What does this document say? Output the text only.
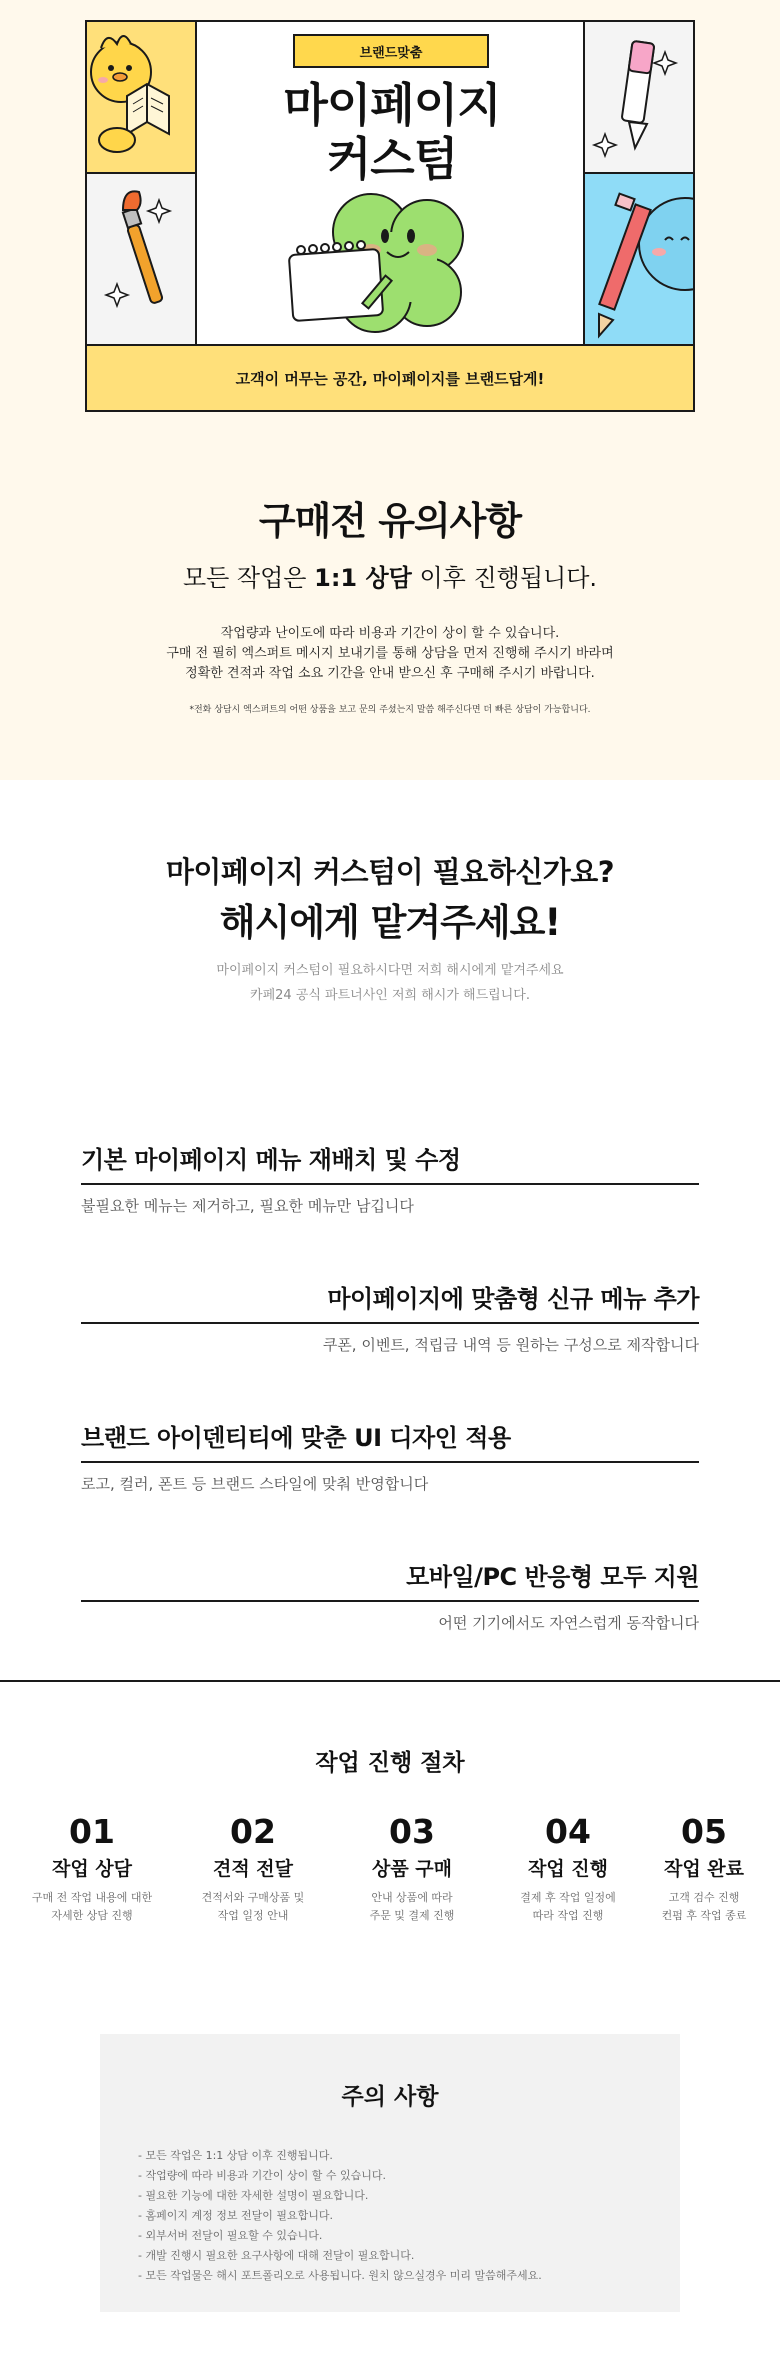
브랜드맞춤
마이페이지
커스텀
고객이 머무는 공간, 마이페이지를 브랜드답게!
구매전 유의사항

모든 작업은 1:1 상담 이후 진행됩니다.

작업량과 난이도에 따라 비용과 기간이 상이 할 수 있습니다.
구매 전 필히 엑스퍼트 메시지 보내기를 통해 상담을 먼저 진행해 주시기 바라며
정확한 견적과 작업 소요 기간을 안내 받으신 후 구매해 주시기 바랍니다.

*전화 상담시 엑스퍼트의 어떤 상품을 보고 문의 주셨는지 말씀 해주신다면 더 빠른 상담이 가능합니다.

마이페이지 커스텀이 필요하신가요?
해시에게 맡겨주세요!
마이페이지 커스텀이 필요하시다면 저희 해시에게 맡겨주세요
카페24 공식 파트너사인 저희 해시가 해드립니다.
기본 마이페이지 메뉴 재배치 및 수정

불필요한 메뉴는 제거하고, 필요한 메뉴만 남깁니다

마이페이지에 맞춤형 신규 메뉴 추가

쿠폰, 이벤트, 적립금 내역 등 원하는 구성으로 제작합니다

브랜드 아이덴티티에 맞춘 UI 디자인 적용

로고, 컬러, 폰트 등 브랜드 스타일에 맞춰 반영합니다

모바일/PC 반응형 모두 지원

어떤 기기에서도 자연스럽게 동작합니다

작업 진행 절차
01
작업 상담
구매 전 작업 내용에 대한
자세한 상담 진행
02
견적 전달
견적서와 구매상품 및
작업 일정 안내
03
상품 구매
안내 상품에 따라
주문 및 결제 진행
04
작업 진행
결제 후 작업 일정에
따라 작업 진행
05
작업 완료
고객 검수 진행
컨펌 후 작업 종료
주의 사항
- 모든 작업은 1:1 상담 이후 진행됩니다.
- 작업량에 따라 비용과 기간이 상이 할 수 있습니다.
- 필요한 기능에 대한 자세한 설명이 필요합니다.
- 홈페이지 계정 정보 전달이 필요합니다.
- 외부서버 전달이 필요할 수 있습니다.
- 개발 진행시 필요한 요구사항에 대해 전달이 필요합니다.
- 모든 작업물은 해시 포트폴리오로 사용됩니다. 원치 않으실경우 미리 말씀해주세요.
